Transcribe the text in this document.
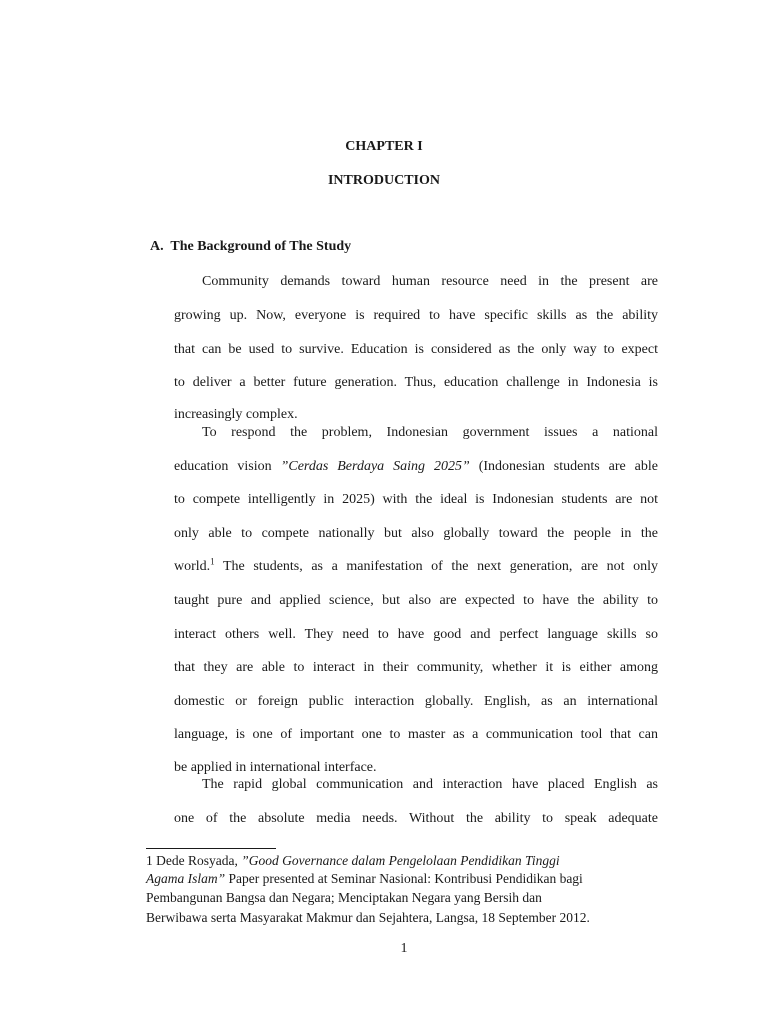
CHAPTER I
INTRODUCTION
A. The Background of The Study
Community demands toward human resource need in the present are
growing up. Now, everyone is required to have specific skills as the ability
that can be used to survive. Education is considered as the only way to expect
to deliver a better future generation. Thus, education challenge in Indonesia is
increasingly complex.
To respond the problem, Indonesian government issues a national
education vision ”Cerdas Berdaya Saing 2025” (Indonesian students are able
to compete intelligently in 2025) with the ideal is Indonesian students are not
only able to compete nationally but also globally toward the people in the
world.$^1$ The students, as a manifestation of the next generation, are not only
taught pure and applied science, but also are expected to have the ability to
interact others well. They need to have good and perfect language skills so
that they are able to interact in their community, whether it is either among
domestic or foreign public interaction globally. English, as an international
language, is one of important one to master as a communication tool that can
be applied in international interface.
The rapid global communication and interaction have placed English as
one of the absolute media needs. Without the ability to speak adequate
1 Dede Rosyada, ”Good Governance dalam Pengelolaan Pendidikan Tinggi
Agama Islam” Paper presented at Seminar Nasional: Kontribusi Pendidikan bagi
Pembangunan Bangsa dan Negara; Menciptakan Negara yang Bersih dan
Berwibawa serta Masyarakat Makmur dan Sejahtera, Langsa, 18 September 2012.
1
